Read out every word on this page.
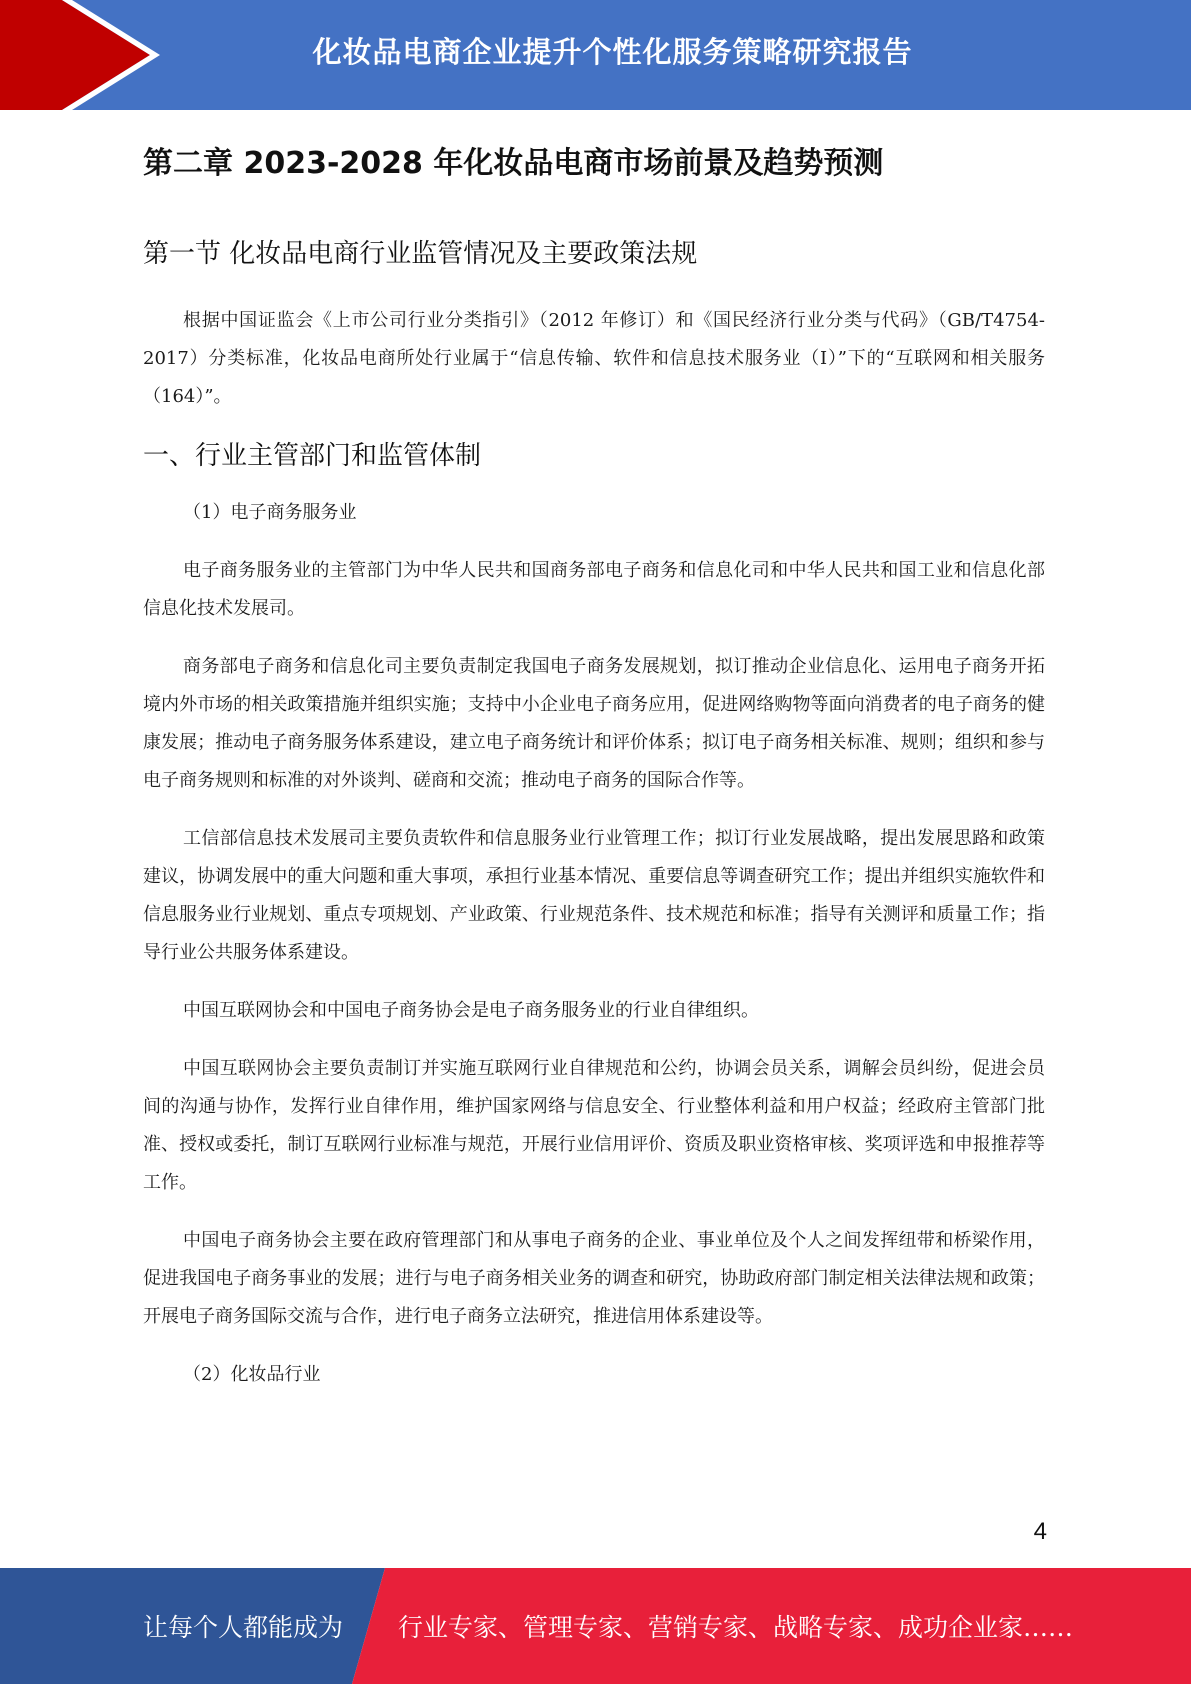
化妆品电商企业提升个性化服务策略研究报告
第二章 2023-2028 年化妆品电商市场前景及趋势预测
第一节 化妆品电商行业监管情况及主要政策法规

根据中国证监会《上市公司行业分类指引》（2012 年修订）和《国民经济行业分类与代码》（GB/T4754-2017）分类标准，化妆品电商所处行业属于“信息传输、软件和信息技术服务业（I）”下的“互联网和相关服务（164）”。

一、行业主管部门和监管体制

（1）电子商务服务业

电子商务服务业的主管部门为中华人民共和国商务部电子商务和信息化司和中华人民共和国工业和信息化部信息化技术发展司。

商务部电子商务和信息化司主要负责制定我国电子商务发展规划，拟订推动企业信息化、运用电子商务开拓境内外市场的相关政策措施并组织实施；支持中小企业电子商务应用，促进网络购物等面向消费者的电子商务的健康发展；推动电子商务服务体系建设，建立电子商务统计和评价体系；拟订电子商务相关标准、规则；组织和参与电子商务规则和标准的对外谈判、磋商和交流；推动电子商务的国际合作等。

工信部信息技术发展司主要负责软件和信息服务业行业管理工作；拟订行业发展战略，提出发展思路和政策建议，协调发展中的重大问题和重大事项，承担行业基本情况、重要信息等调查研究工作；提出并组织实施软件和信息服务业行业规划、重点专项规划、产业政策、行业规范条件、技术规范和标准；指导有关测评和质量工作；指导行业公共服务体系建设。

中国互联网协会和中国电子商务协会是电子商务服务业的行业自律组织。

中国互联网协会主要负责制订并实施互联网行业自律规范和公约，协调会员关系，调解会员纠纷，促进会员间的沟通与协作，发挥行业自律作用，维护国家网络与信息安全、行业整体利益和用户权益；经政府主管部门批准、授权或委托，制订互联网行业标准与规范，开展行业信用评价、资质及职业资格审核、奖项评选和申报推荐等工作。

中国电子商务协会主要在政府管理部门和从事电子商务的企业、事业单位及个人之间发挥纽带和桥梁作用，促进我国电子商务事业的发展；进行与电子商务相关业务的调查和研究，协助政府部门制定相关法律法规和政策；开展电子商务国际交流与合作，进行电子商务立法研究，推进信用体系建设等。

（2）化妆品行业

4
让每个人都能成为 行业专家、管理专家、营销专家、战略专家、成功企业家……
